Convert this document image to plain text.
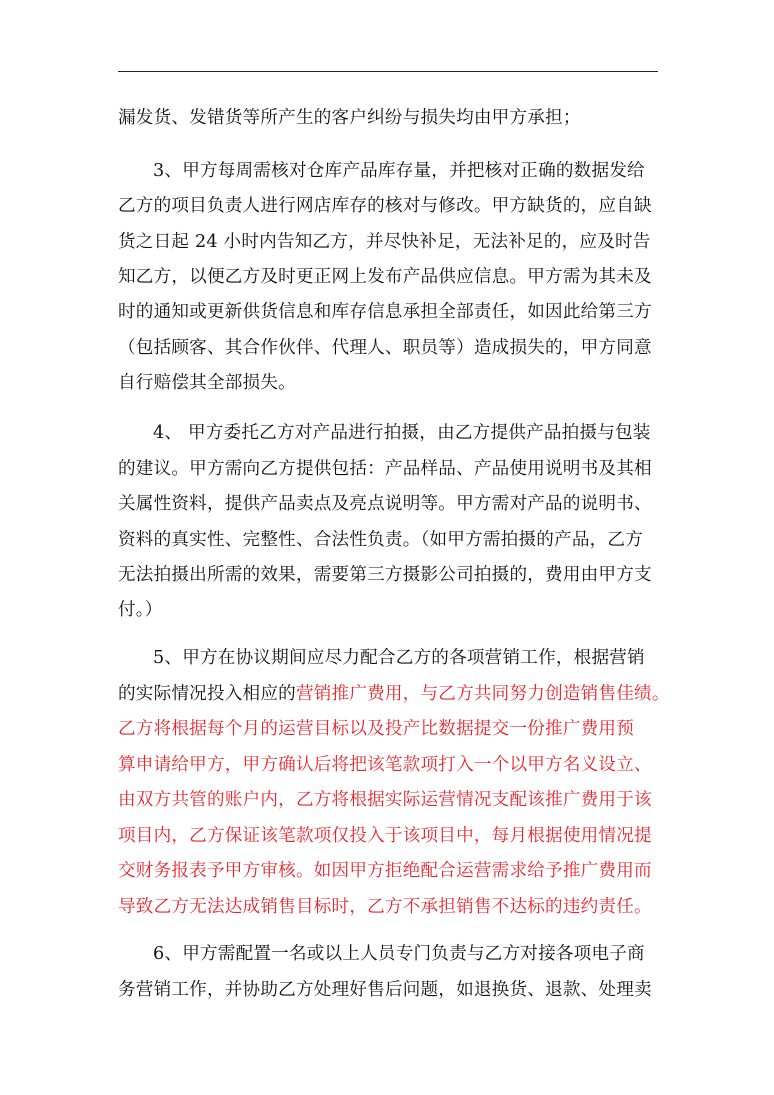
漏发货、发错货等所产生的客户纠纷与损失均由甲方承担；
3、甲方每周需核对仓库产品库存量，并把核对正确的数据发给
乙方的项目负责人进行网店库存的核对与修改。甲方缺货的，应自缺
货之日起 24 小时内告知乙方，并尽快补足，无法补足的，应及时告
知乙方，以便乙方及时更正网上发布产品供应信息。甲方需为其未及
时的通知或更新供货信息和库存信息承担全部责任，如因此给第三方
（包括顾客、其合作伙伴、代理人、职员等）造成损失的，甲方同意
自行赔偿其全部损失。
4、 甲方委托乙方对产品进行拍摄，由乙方提供产品拍摄与包装
的建议。甲方需向乙方提供包括：产品样品、产品使用说明书及其相
关属性资料，提供产品卖点及亮点说明等。甲方需对产品的说明书、
资料的真实性、完整性、合法性负责。（如甲方需拍摄的产品，乙方
无法拍摄出所需的效果，需要第三方摄影公司拍摄的，费用由甲方支
付。）
5、甲方在协议期间应尽力配合乙方的各项营销工作，根据营销
的实际情况投入相应的营销推广费用，与乙方共同努力创造销售佳绩。
乙方将根据每个月的运营目标以及投产比数据提交一份推广费用预
算申请给甲方，甲方确认后将把该笔款项打入一个以甲方名义设立、
由双方共管的账户内，乙方将根据实际运营情况支配该推广费用于该
项目内，乙方保证该笔款项仅投入于该项目中，每月根据使用情况提
交财务报表予甲方审核。如因甲方拒绝配合运营需求给予推广费用而
导致乙方无法达成销售目标时，乙方不承担销售不达标的违约责任。
6、甲方需配置一名或以上人员专门负责与乙方对接各项电子商
务营销工作，并协助乙方处理好售后问题，如退换货、退款、处理卖
